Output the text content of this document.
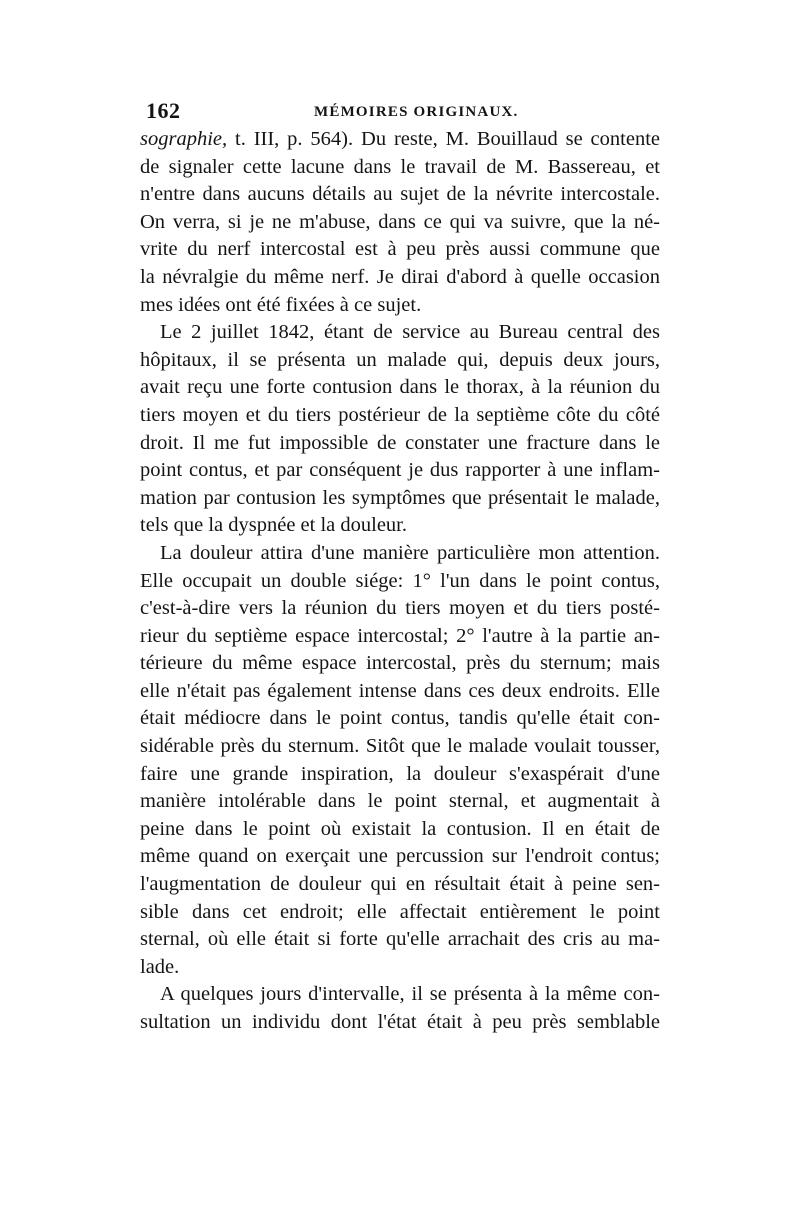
162	MÉMOIRES ORIGINAUX.
sographie, t. III, p. 564). Du reste, M. Bouillaud se contente
de signaler cette lacune dans le travail de M. Bassereau, et
n'entre dans aucuns détails au sujet de la névrite intercostale.
On verra, si je ne m'abuse, dans ce qui va suivre, que la né-
vrite du nerf intercostal est à peu près aussi commune que
la névralgie du même nerf. Je dirai d'abord à quelle occasion
mes idées ont été fixées à ce sujet.
Le 2 juillet 1842, étant de service au Bureau central des
hôpitaux, il se présenta un malade qui, depuis deux jours,
avait reçu une forte contusion dans le thorax, à la réunion du
tiers moyen et du tiers postérieur de la septième côte du côté
droit. Il me fut impossible de constater une fracture dans le
point contus, et par conséquent je dus rapporter à une inflam-
mation par contusion les symptômes que présentait le malade,
tels que la dyspnée et la douleur.
La douleur attira d'une manière particulière mon attention.
Elle occupait un double siége: 1° l'un dans le point contus,
c'est-à-dire vers la réunion du tiers moyen et du tiers posté-
rieur du septième espace intercostal; 2° l'autre à la partie an-
térieure du même espace intercostal, près du sternum; mais
elle n'était pas également intense dans ces deux endroits. Elle
était médiocre dans le point contus, tandis qu'elle était con-
sidérable près du sternum. Sitôt que le malade voulait tousser,
faire une grande inspiration, la douleur s'exaspérait d'une
manière intolérable dans le point sternal, et augmentait à
peine dans le point où existait la contusion. Il en était de
même quand on exerçait une percussion sur l'endroit contus;
l'augmentation de douleur qui en résultait était à peine sen-
sible dans cet endroit; elle affectait entièrement le point
sternal, où elle était si forte qu'elle arrachait des cris au ma-
lade.
A quelques jours d'intervalle, il se présenta à la même con-
sultation un individu dont l'état était à peu près semblable
